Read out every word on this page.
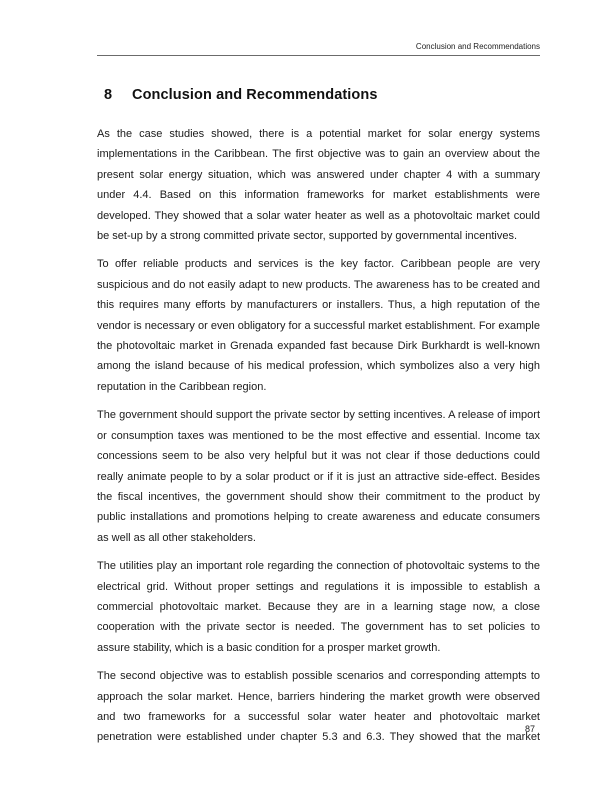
Conclusion and Recommendations
8 Conclusion and Recommendations

As the case studies showed, there is a potential market for solar energy systems implementations in the Caribbean. The first objective was to gain an overview about the present solar energy situation, which was answered under chapter 4 with a summary under 4.4. Based on this information frameworks for market establishments were developed. They showed that a solar water heater as well as a photovoltaic market could be set-up by a strong committed private sector, supported by governmental incentives.

To offer reliable products and services is the key factor. Caribbean people are very suspicious and do not easily adapt to new products. The awareness has to be created and this requires many efforts by manufacturers or installers. Thus, a high reputation of the vendor is necessary or even obligatory for a successful market establishment. For example the photovoltaic market in Grenada expanded fast because Dirk Burkhardt is well-known among the island because of his medical profession, which symbolizes also a very high reputation in the Caribbean region.

The government should support the private sector by setting incentives. A release of import or consumption taxes was mentioned to be the most effective and essential. Income tax concessions seem to be also very helpful but it was not clear if those deductions could really animate people to by a solar product or if it is just an attractive side-effect. Besides the fiscal incentives, the government should show their commitment to the product by public installations and promotions helping to create awareness and educate consumers as well as all other stakeholders.

The utilities play an important role regarding the connection of photovoltaic systems to the electrical grid. Without proper settings and regulations it is impossible to establish a commercial photovoltaic market. Because they are in a learning stage now, a close cooperation with the private sector is needed. The government has to set policies to assure stability, which is a basic condition for a prosper market growth.

The second objective was to establish possible scenarios and corresponding attempts to approach the solar market. Hence, barriers hindering the market growth were observed and two frameworks for a successful solar water heater and photovoltaic market penetration were established under chapter 5.3 and 6.3. They showed that the market

87
